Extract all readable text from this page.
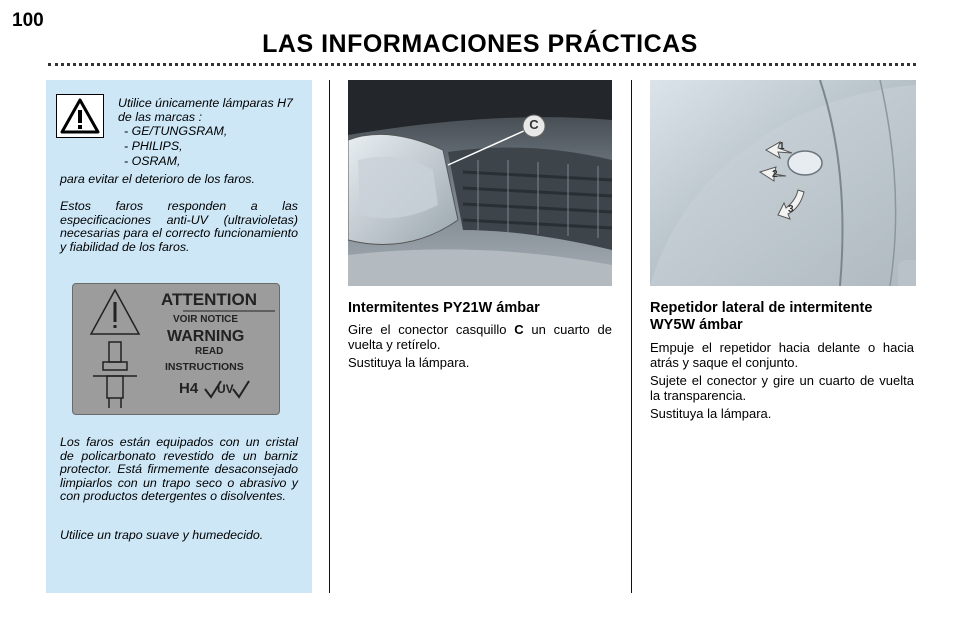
100
LAS INFORMACIONES PRÁCTICAS
Utilice únicamente lámparas H7 de las marcas :
- GE/TUNGSRAM,
- PHILIPS,
- OSRAM,
para evitar el deterioro de los faros.
Estos faros responden a las especificaciones anti-UV (ultravioletas) necesarias para el correcto funcionamiento y fiabilidad de los faros.
ATTENTION
VOIR NOTICE
WARNING
READ
INSTRUCTIONS
H4 UV
Los faros están equipados con un cristal de policarbonato revestido de un barniz protector. Está firmemente desaconsejado limpiarlos con un trapo seco o abrasivo y con productos detergentes o disolventes.
Utilice un trapo suave y humedecido.
C
1
2
3
Intermitentes PY21W ámbar

Gire el conector casquillo C un cuarto de vuelta y retírelo.

Sustituya la lámpara.

Repetidor lateral de intermitente WY5W ámbar

Empuje el repetidor hacia delante o hacia atrás y saque el conjunto.

Sujete el conector y gire un cuarto de vuelta la transparencia.

Sustituya la lámpara.
